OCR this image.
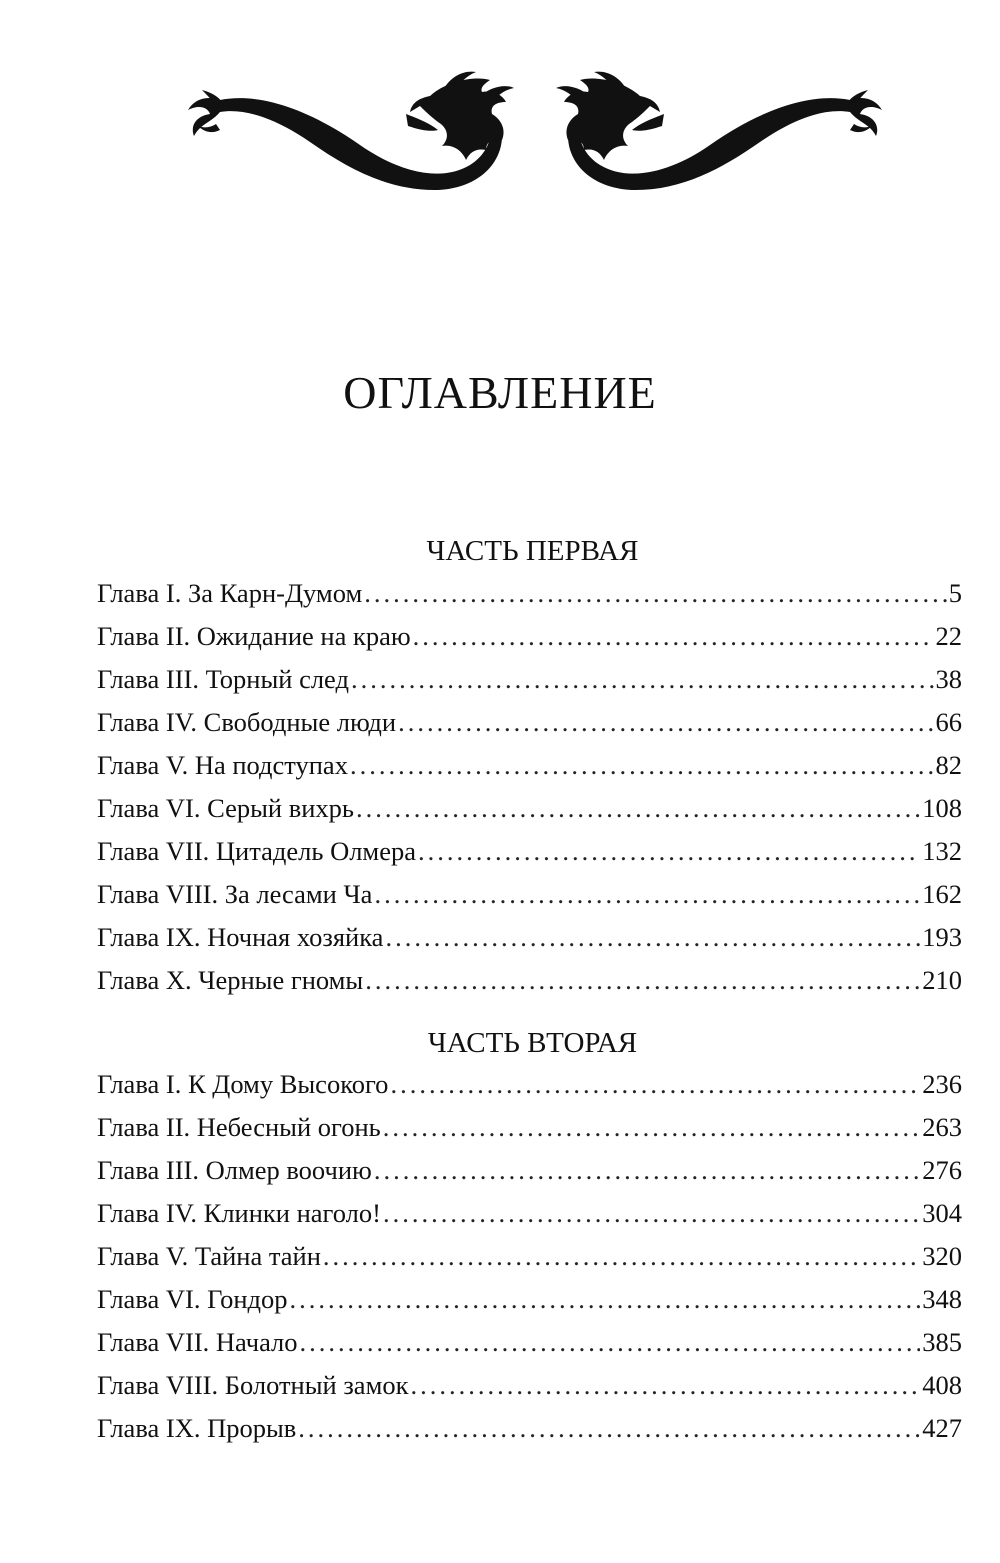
ОГЛАВЛЕНИЕ
ЧАСТЬ ПЕРВАЯ
Глава I. За Карн-Думом .....	5
Глава II. Ожидание на краю .....	22
Глава III. Торный след .....	38
Глава IV. Свободные люди .....	66
Глава V. На подступах .....	82
Глава VI. Серый вихрь .....	108
Глава VII. Цитадель Олмера .....	132
Глава VIII. За лесами Ча .....	162
Глава IX. Ночная хозяйка .....	193
Глава X. Черные гномы .....	210
ЧАСТЬ ВТОРАЯ
Глава I. К Дому Высокого .....	236
Глава II. Небесный огонь .....	263
Глава III. Олмер воочию .....	276
Глава IV. Клинки наголо! .....	304
Глава V. Тайна тайн .....	320
Глава VI. Гондор .....	348
Глава VII. Начало .....	385
Глава VIII. Болотный замок .....	408
Глава IX. Прорыв .....	427
